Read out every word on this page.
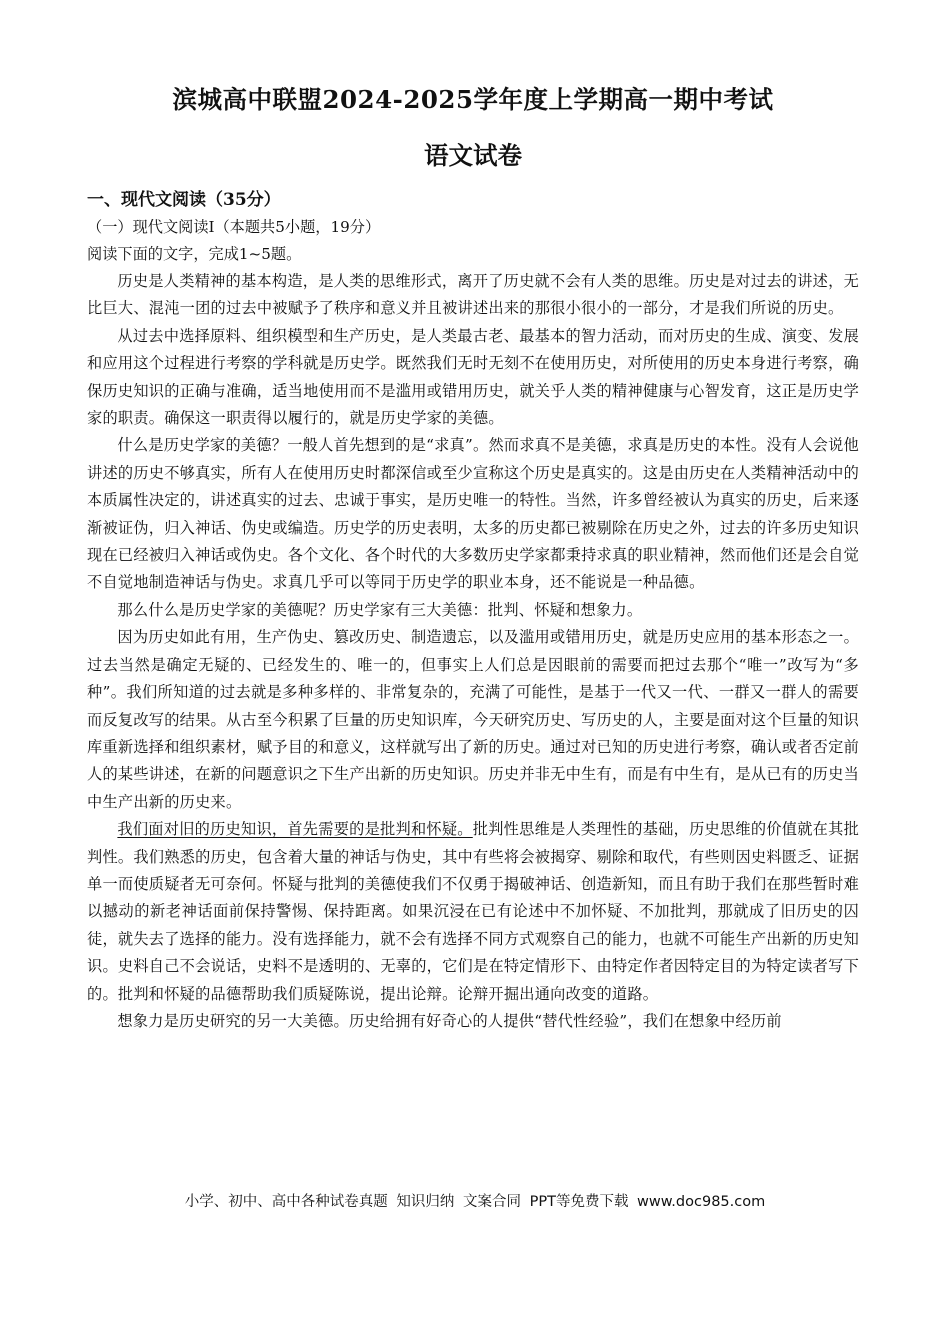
滨城高中联盟2024-2025学年度上学期高一期中考试
语文试卷

一、现代文阅读（35分）

（一）现代文阅读Ⅰ（本题共5小题，19分）

阅读下面的文字，完成1~5题。

历史是人类精神的基本构造，是人类的思维形式，离开了历史就不会有人类的思维。历史是对过去的讲述，无比巨大、混沌一团的过去中被赋予了秩序和意义并且被讲述出来的那很小很小的一部分，才是我们所说的历史。

从过去中选择原料、组织模型和生产历史，是人类最古老、最基本的智力活动，而对历史的生成、演变、发展和应用这个过程进行考察的学科就是历史学。既然我们无时无刻不在使用历史，对所使用的历史本身进行考察，确保历史知识的正确与准确，适当地使用而不是滥用或错用历史，就关乎人类的精神健康与心智发育，这正是历史学家的职责。确保这一职责得以履行的，就是历史学家的美德。

什么是历史学家的美德？一般人首先想到的是“求真”。然而求真不是美德，求真是历史的本性。没有人会说他讲述的历史不够真实，所有人在使用历史时都深信或至少宣称这个历史是真实的。这是由历史在人类精神活动中的本质属性决定的，讲述真实的过去、忠诚于事实，是历史唯一的特性。当然，许多曾经被认为真实的历史，后来逐渐被证伪，归入神话、伪史或编造。历史学的历史表明，太多的历史都已被剔除在历史之外，过去的许多历史知识现在已经被归入神话或伪史。各个文化、各个时代的大多数历史学家都秉持求真的职业精神，然而他们还是会自觉不自觉地制造神话与伪史。求真几乎可以等同于历史学的职业本身，还不能说是一种品德。

那么什么是历史学家的美德呢？历史学家有三大美德：批判、怀疑和想象力。

因为历史如此有用，生产伪史、篡改历史、制造遗忘，以及滥用或错用历史，就是历史应用的基本形态之一。过去当然是确定无疑的、已经发生的、唯一的，但事实上人们总是因眼前的需要而把过去那个“唯一”改写为“多种”。我们所知道的过去就是多种多样的、非常复杂的，充满了可能性，是基于一代又一代、一群又一群人的需要而反复改写的结果。从古至今积累了巨量的历史知识库，今天研究历史、写历史的人，主要是面对这个巨量的知识库重新选择和组织素材，赋予目的和意义，这样就写出了新的历史。通过对已知的历史进行考察，确认或者否定前人的某些讲述，在新的问题意识之下生产出新的历史知识。历史并非无中生有，而是有中生有，是从已有的历史当中生产出新的历史来。

我们面对旧的历史知识，首先需要的是批判和怀疑。批判性思维是人类理性的基础，历史思维的价值就在其批判性。我们熟悉的历史，包含着大量的神话与伪史，其中有些将会被揭穿、剔除和取代，有些则因史料匮乏、证据单一而使质疑者无可奈何。怀疑与批判的美德使我们不仅勇于揭破神话、创造新知，而且有助于我们在那些暂时难以撼动的新老神话面前保持警惕、保持距离。如果沉浸在已有论述中不加怀疑、不加批判，那就成了旧历史的囚徒，就失去了选择的能力。没有选择能力，就不会有选择不同方式观察自己的能力，也就不可能生产出新的历史知识。史料自己不会说话，史料不是透明的、无辜的，它们是在特定情形下、由特定作者因特定目的为特定读者写下的。批判和怀疑的品德帮助我们质疑陈说，提出论辩。论辩开掘出通向改变的道路。

想象力是历史研究的另一大美德。历史给拥有好奇心的人提供“替代性经验”，我们在想象中经历前

小学、初中、高中各种试卷真题 知识归纳 文案合同 PPT等免费下载 www.doc985.com
